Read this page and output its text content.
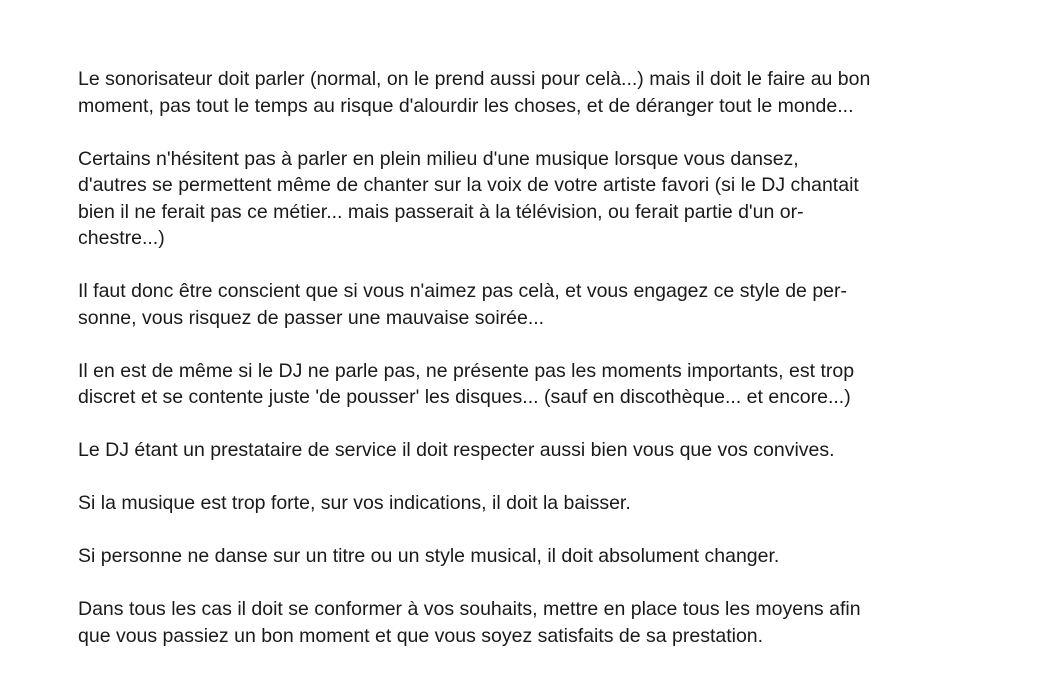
Le sonorisateur doit parler (normal, on le prend aussi pour celà...) mais il doit le faire au bon
moment, pas tout le temps au risque d'alourdir les choses, et de déranger tout le monde...

Certains n'hésitent pas à parler en plein milieu d'une musique lorsque vous dansez,
d'autres se permettent même de chanter sur la voix de votre artiste favori (si le DJ chantait
bien il ne ferait pas ce métier... mais passerait à la télévision, ou ferait partie d'un or-
chestre...)

Il faut donc être conscient que si vous n'aimez pas celà, et vous engagez ce style de per-
sonne, vous risquez de passer une mauvaise soirée...

Il en est de même si le DJ ne parle pas, ne présente pas les moments importants, est trop
discret et se contente juste 'de pousser' les disques... (sauf en discothèque... et encore...)

Le DJ étant un prestataire de service il doit respecter aussi bien vous que vos convives.

Si la musique est trop forte, sur vos indications, il doit la baisser.

Si personne ne danse sur un titre ou un style musical, il doit absolument changer.

Dans tous les cas il doit se conformer à vos souhaits, mettre en place tous les moyens afin
que vous passiez un bon moment et que vous soyez satisfaits de sa prestation.
